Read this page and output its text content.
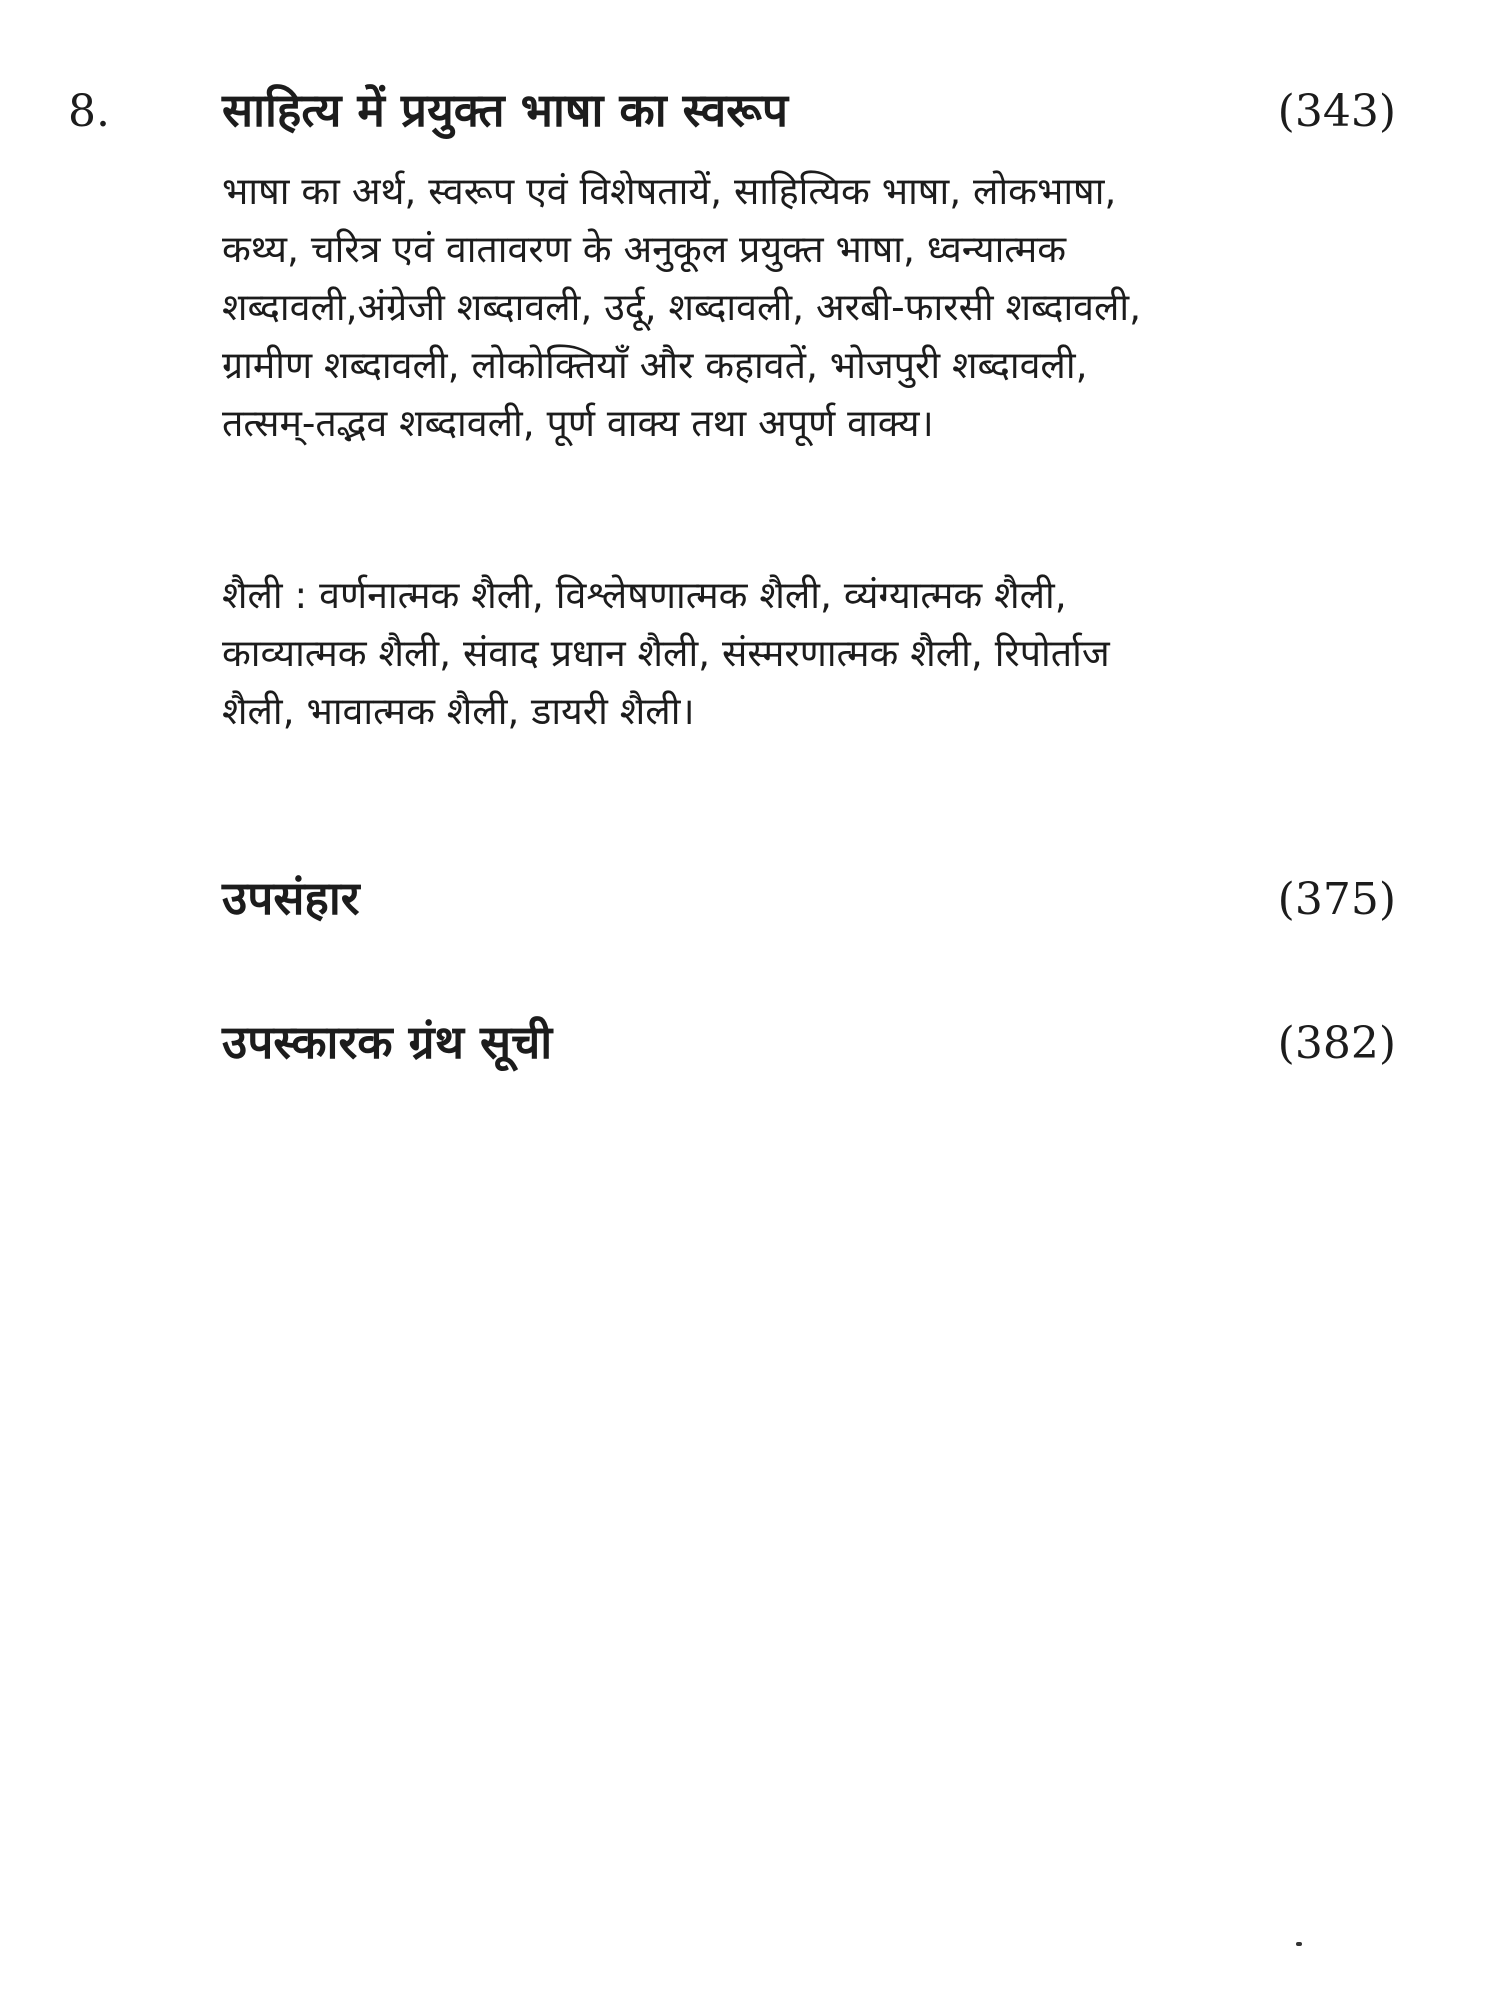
8. साहित्य में प्रयुक्त भाषा का स्वरूप	(343)
भाषा का अर्थ, स्वरूप एवं विशेषतायें, साहित्यिक भाषा, लोकभाषा,
कथ्य, चरित्र एवं वातावरण के अनुकूल प्रयुक्त भाषा, ध्वन्यात्मक
शब्दावली,अंग्रेजी शब्दावली, उर्दू, शब्दावली, अरबी-फारसी शब्दावली,
ग्रामीण शब्दावली, लोकोक्तियाँ और कहावतें, भोजपुरी शब्दावली,
तत्सम्-तद्भव शब्दावली, पूर्ण वाक्य तथा अपूर्ण वाक्य।
शैली : वर्णनात्मक शैली, विश्लेषणात्मक शैली, व्यंग्यात्मक शैली,
काव्यात्मक शैली, संवाद प्रधान शैली, संस्मरणात्मक शैली, रिपोर्ताज
शैली, भावात्मक शैली, डायरी शैली।
उपसंहार	(375)
उपस्कारक ग्रंथ सूची	(382)
